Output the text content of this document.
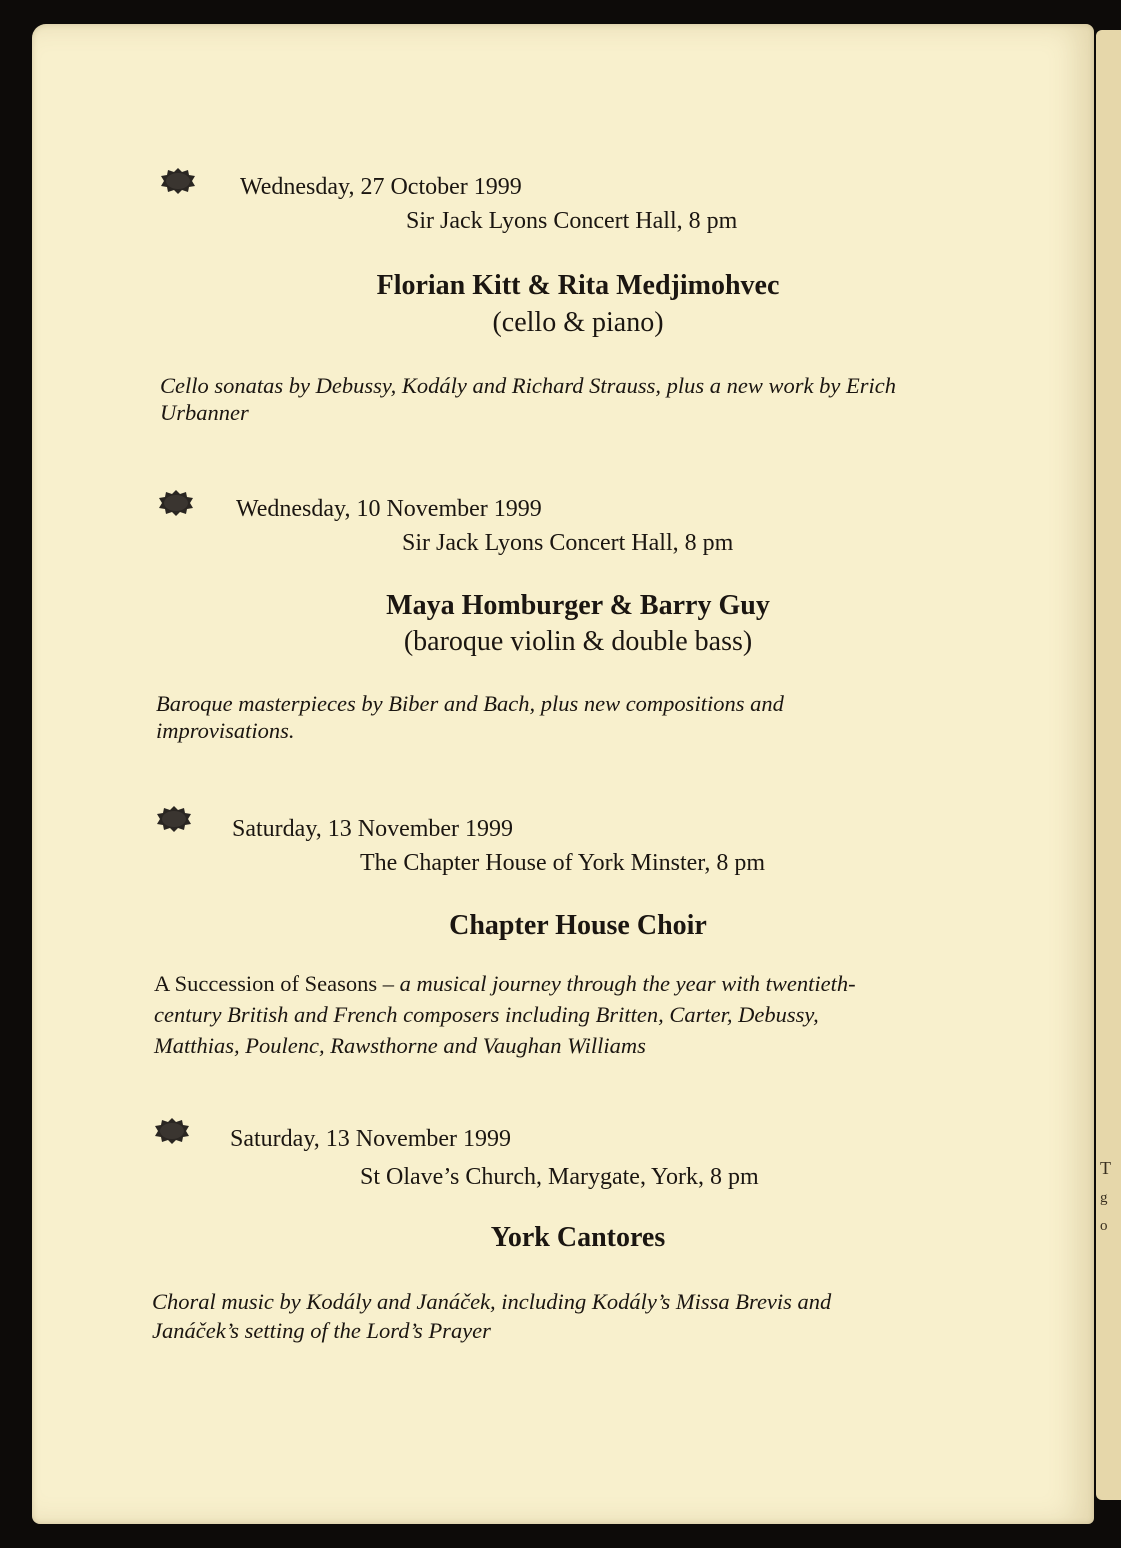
T
g
o
Wednesday, 27 October 1999
Sir Jack Lyons Concert Hall, 8 pm
Florian Kitt & Rita Medjimohvec
(cello & piano)
Cello sonatas by Debussy, Kodály and Richard Strauss, plus a new work by Erich
Urbanner
Wednesday, 10 November 1999
Sir Jack Lyons Concert Hall, 8 pm
Maya Homburger & Barry Guy
(baroque violin & double bass)
Baroque masterpieces by Biber and Bach, plus new compositions and
improvisations.
Saturday, 13 November 1999
The Chapter House of York Minster, 8 pm
Chapter House Choir
A Succession of Seasons – a musical journey through the year with twentieth-
century British and French composers including Britten, Carter, Debussy,
Matthias, Poulenc, Rawsthorne and Vaughan Williams
Saturday, 13 November 1999
St Olave’s Church, Marygate, York, 8 pm
York Cantores
Choral music by Kodály and Janáček, including Kodály’s Missa Brevis and
Janáček’s setting of the Lord’s Prayer
